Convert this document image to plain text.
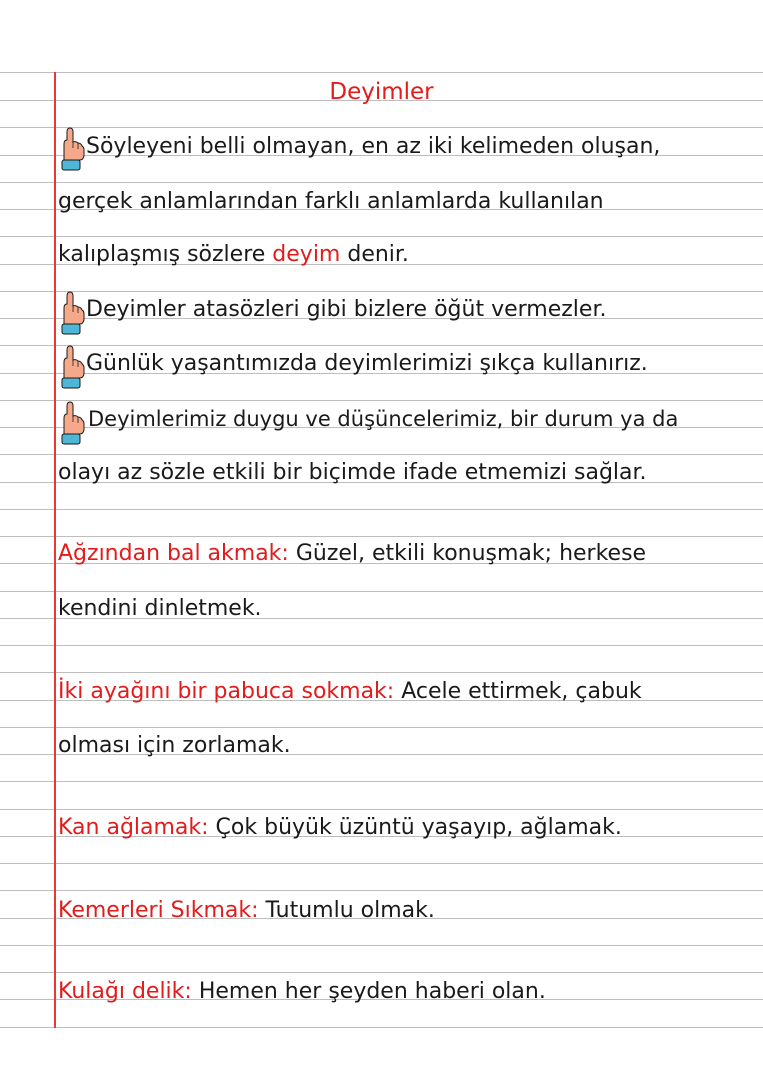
Deyimler
Söyleyeni belli olmayan, en az iki kelimeden oluşan,
gerçek anlamlarından farklı anlamlarda kullanılan
kalıplaşmış sözlere deyim denir.
Deyimler atasözleri gibi bizlere öğüt vermezler.
Günlük yaşantımızda deyimlerimizi şıkça kullanırız.
Deyimlerimiz duygu ve düşüncelerimiz, bir durum ya da
olayı az sözle etkili bir biçimde ifade etmemizi sağlar.
Ağzından bal akmak: Güzel, etkili konuşmak; herkese
kendini dinletmek.
İki ayağını bir pabuca sokmak: Acele ettirmek, çabuk
olması için zorlamak.
Kan ağlamak: Çok büyük üzüntü yaşayıp, ağlamak.
Kemerleri Sıkmak: Tutumlu olmak.
Kulağı delik: Hemen her şeyden haberi olan.
